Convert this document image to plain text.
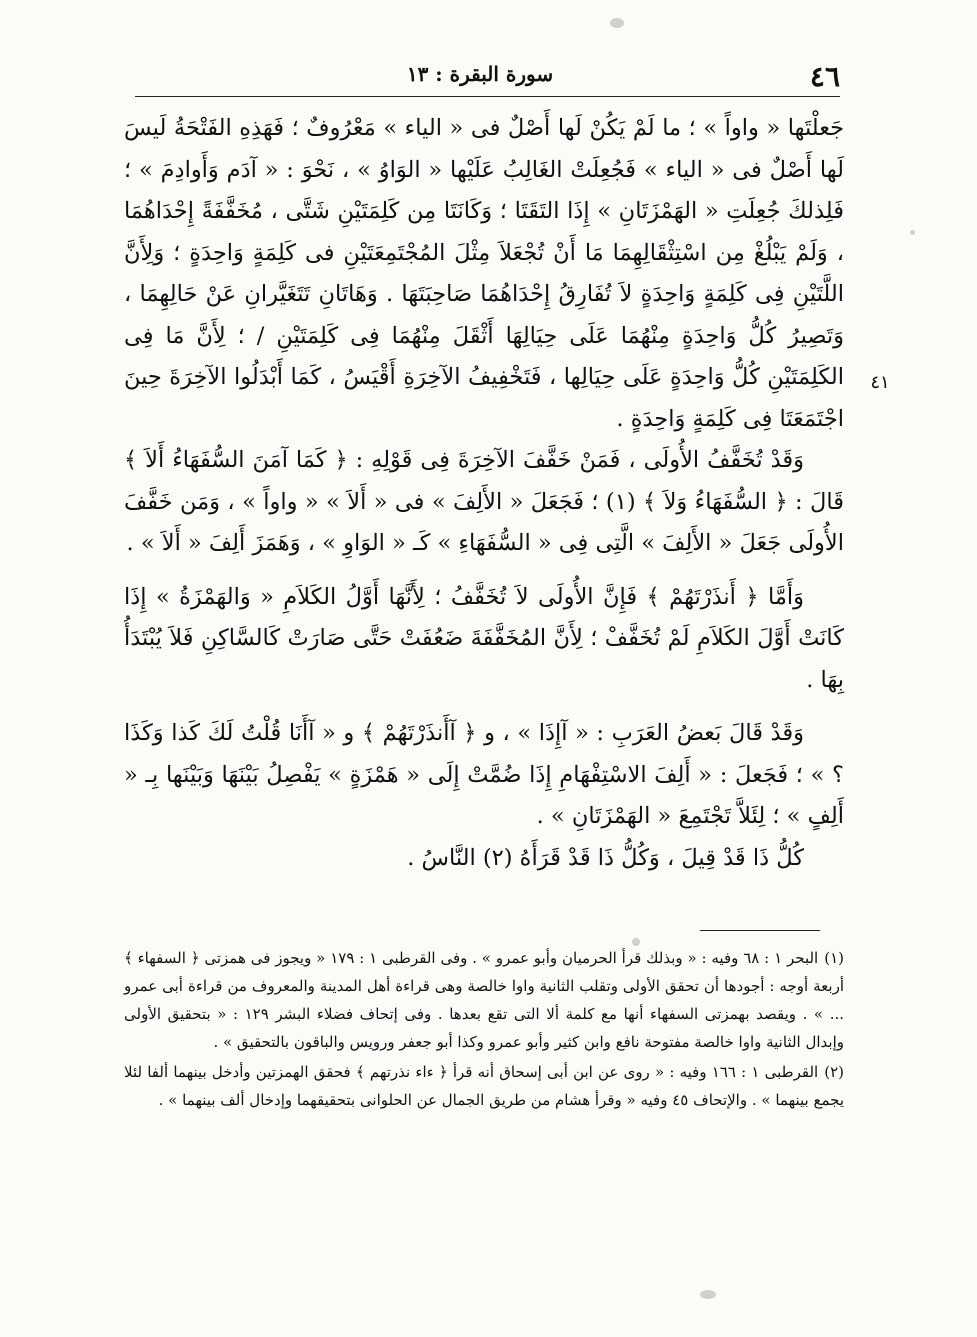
٤٦
سورة البقرة : ١٣
٤١

جَعلْتَها « واواً » ؛ ما لَمْ يَكُنْ لَها أَصْلٌ فى « الياء » مَعْرُوفٌ ؛ فَهَذِهِ الفَتْحَةُ لَيسَ لَها أَصْلٌ فى « الياء » فَجُعِلَتْ الغَالِبُ عَلَيْها « الوَاوُ » ، نَحْوَ : « آدَم وَأَوادِمَ » ؛ فَلِذلكَ جُعِلَتِ « الهَمْزَتَانِ » إِذَا التَقَتَا ؛ وَكَانَتَا مِن كَلِمَتَيْنِ شَتَّى ، مُخَفَّفَةً إِحْدَاهُمَا ، وَلَمْ يَبْلُغْ مِن اسْتِثْقَالِهِمَا مَا أَنْ تُجْعَلاَ مِثْلَ المُجْتَمِعَتَيْنِ فى كَلِمَةٍ وَاحِدَةٍ ؛ وَلِأَنَّ اللَّتَيْنِ فِى كَلِمَةٍ وَاحِدَةٍ لاَ تُفَارِقُ إِحْدَاهُمَا صَاحِبَتَهَا . وَهَاتَانِ تَتَغَيَّرانِ عَنْ حَالِهِمَا ، وَتَصِيرُ كُلُّ وَاحِدَةٍ مِنْهُمَا عَلَى حِيَالِهَا أَثْقَلَ مِنْهُمَا فِى كَلِمَتَيْنِ / ؛ لِأَنَّ مَا فِى الكَلِمَتَيْنِ كُلُّ وَاحِدَةٍ عَلَى حِيَالِها ، فَتَخْفِيفُ الآخِرَةِ أَقْيَسُ ، كَمَا أَبْدَلُوا الآخِرَةَ حِينَ اجْتَمَعَتَا فِى كَلِمَةٍ وَاحِدَةٍ .

وَقَدْ تُخَفَّفُ الأُولَى ، فَمَنْ خَفَّفَ الآخِرَةَ فِى قَوْلِهِ : ﴿ كَمَا آمَنَ السُّفَهَاءُ أَلاَ ﴾ قَالَ : ﴿ السُّفَهَاءُ وَلاَ ﴾ (١) ؛ فَجَعَلَ « الأَلِفَ » فى « أَلاَ » « واواً » ، وَمَن خَفَّفَ الأُولَى جَعَلَ « الأَلِفَ » الَّتِى فِى « السُّفَهَاءِ » كَـ « الوَاوِ » ، وَهَمَزَ أَلِفَ « أَلاَ » .

وَأَمَّا ﴿ أَنذَرْتَهُمْ ﴾ فَإِنَّ الأُولَى لاَ تُخَفَّفُ ؛ لِأَنَّهَا أَوَّلُ الكَلاَمِ « وَالهَمْزَةُ » إِذَا كَانَتْ أَوَّلَ الكَلاَمِ لَمْ تُخَفَّفْ ؛ لِأَنَّ المُخَفَّفَةَ ضَعُفَتْ حَتَّى صَارَتْ كَالسَّاكِنِ فَلاَ يُبْتَدَأُ بِهَا .

وَقَدْ قَالَ بَعضُ العَرَبِ : « آإِذَا » ، و ﴿ آأَنذَرْتَهُمْ ﴾ و « آأَنَا قُلْتُ لَكَ كَذا وَكَذَا ؟ » ؛ فَجَعلَ : « أَلِفَ الاسْتِفْهَامِ إِذَا ضُمَّتْ إِلَى « هَمْزَةٍ » يَفْصِلُ بَيْنَهَا وَبَيْنَها بِـ « أَلِفٍ » ؛ لِئَلاَّ تَجْتَمِعَ « الهَمْزَتَانِ » .

كُلُّ ذَا قَدْ قِيلَ ، وَكُلُّ ذَا قَدْ قَرَأَهُ (٢) النَّاسُ .

(١)البحر ١ : ٦٨ وفيه : « وبذلك قرأ الحرميان وأبو عمرو » . وفى القرطبى ١ : ١٧٩ « ويجوز فى همزتى ﴿ السفهاء ﴾ أربعة أوجه : أجودها أن تحقق الأولى وتقلب الثانية واوا خالصة وهى قراءة أهل المدينة والمعروف من قراءة أبى عمرو ... » . ويقصد بهمزتى السفهاء أنها مع كلمة ألا التى تقع بعدها . وفى إتحاف فضلاء البشر ١٢٩ : « بتحقيق الأولى وإبدال الثانية واوا خالصة مفتوحة نافع وابن كثير وأبو عمرو وكذا أبو جعفر ورويس والباقون بالتحقيق » .

(٢)القرطبى ١ : ١٦٦ وفيه : « روى عن ابن أبى إسحاق أنه قرأ ﴿ ءاء نذرتهم ﴾ فحقق الهمزتين وأدخل بينهما ألفا لئلا يجمع بينهما » . والإتحاف ٤٥ وفيه « وقرأ هشام من طريق الجمال عن الحلوانى بتحقيقهما وإدخال ألف بينهما » .
